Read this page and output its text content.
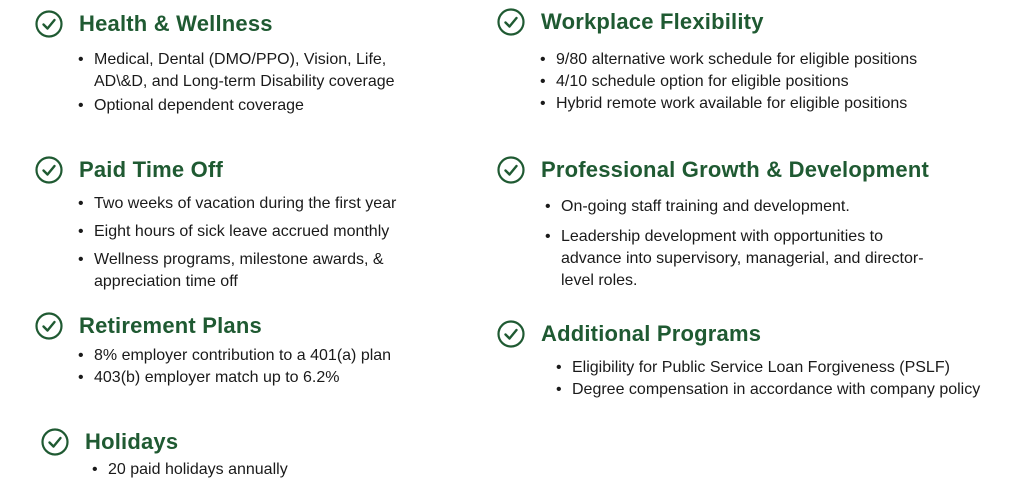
Health & Wellness
• Medical, Dental (DMO/PPO), Vision, Life, AD\&D, and Long-term Disability coverage
• Optional dependent coverage
Paid Time Off
• Two weeks of vacation during the first year
• Eight hours of sick leave accrued monthly
• Wellness programs, milestone awards, & appreciation time off
Retirement Plans
• 8% employer contribution to a 401(a) plan
• 403(b) employer match up to 6.2%
Holidays
• 20 paid holidays annually
Workplace Flexibility
• 9/80 alternative work schedule for eligible positions
• 4/10 schedule option for eligible positions
• Hybrid remote work available for eligible positions
Professional Growth & Development
• On-going staff training and development.
• Leadership development with opportunities to advance into supervisory, managerial, and director-level roles.
Additional Programs
• Eligibility for Public Service Loan Forgiveness (PSLF)
• Degree compensation in accordance with company policy
